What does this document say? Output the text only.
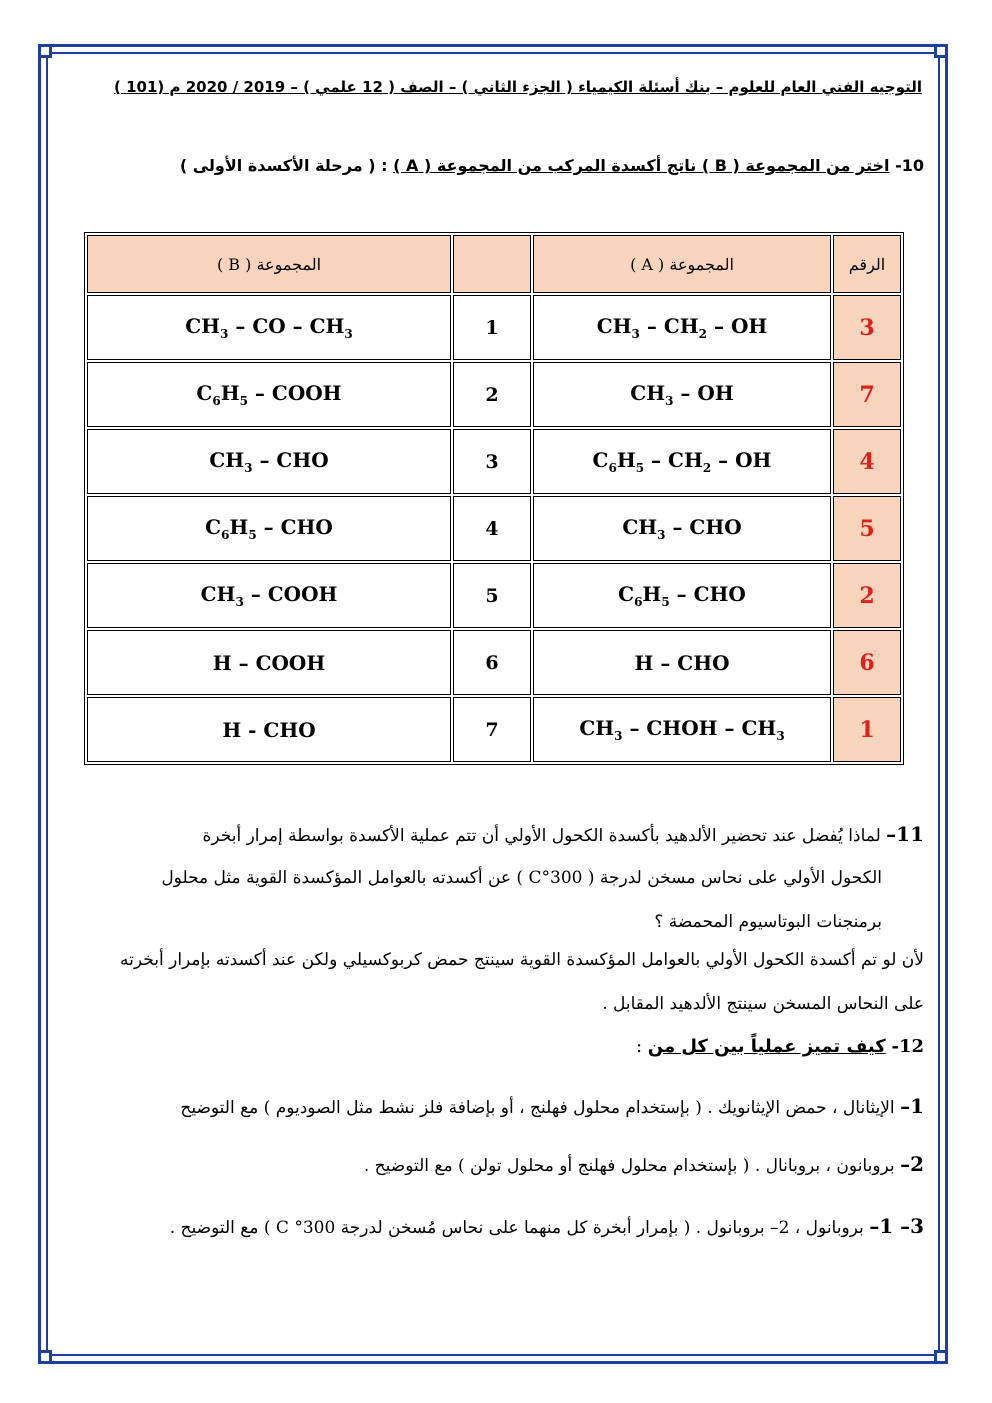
التوجيه الفني العام للعلوم – بنك أسئلة الكيمياء ( الجزء الثاني ) – الصف ( 12 علمي ) – 2019 / 2020 م (101 )
10- اختر من المجموعة ( B ) ناتج أكسدة المركب من المجموعة ( A ) : ( مرحلة الأكسدة الأولى )
الرقم	المجموعة ( A )		المجموعة ( B )
3	$CH_3 - CH_2$ – OH	1	$CH_3$ – CO – $CH_3$
7	$CH_3$ – OH	2	$C_6H_5$ – COOH
4	$C_6H_5 - CH_2$ – OH	3	$CH_3$ – CHO
5	$CH_3$ – CHO	4	$C_6H_5$ – CHO
2	$C_6H_5$ – CHO	5	$CH_3$ – COOH
6	H – CHO	6	H – COOH
1	$CH_3$ – CHOH – $CH_3$	7	H - CHO
11– لماذا يُفضل عند تحضير الألدهيد بأكسدة الكحول الأولي أن تتم عملية الأكسدة بواسطة إمرار أبخرة
الكحول الأولي على نحاس مسخن لدرجة ( 300°C ) عن أكسدته بالعوامل المؤكسدة القوية مثل محلول
برمنجنات البوتاسيوم المحمضة ؟
لأن لو تم أكسدة الكحول الأولي بالعوامل المؤكسدة القوية سينتج حمض كربوكسيلي ولكن عند أكسدته بإمرار أبخرته
على النحاس المسخن سينتج الألدهيد المقابل .
12- كيف تميز عملياً بين كل من :
1– الإيثانال ، حمض الإيثانويك . ( بإستخدام محلول فهلنج ، أو بإضافة فلز نشط مثل الصوديوم ) مع التوضيح
2– بروبانون ، بروبانال . ( بإستخدام محلول فهلنج أو محلول تولن ) مع التوضيح .
3– 1– بروبانول ، 2– بروبانول . ( بإمرار أبخرة كل منهما على نحاس مُسخن لدرجة 300° C ) مع التوضيح .
